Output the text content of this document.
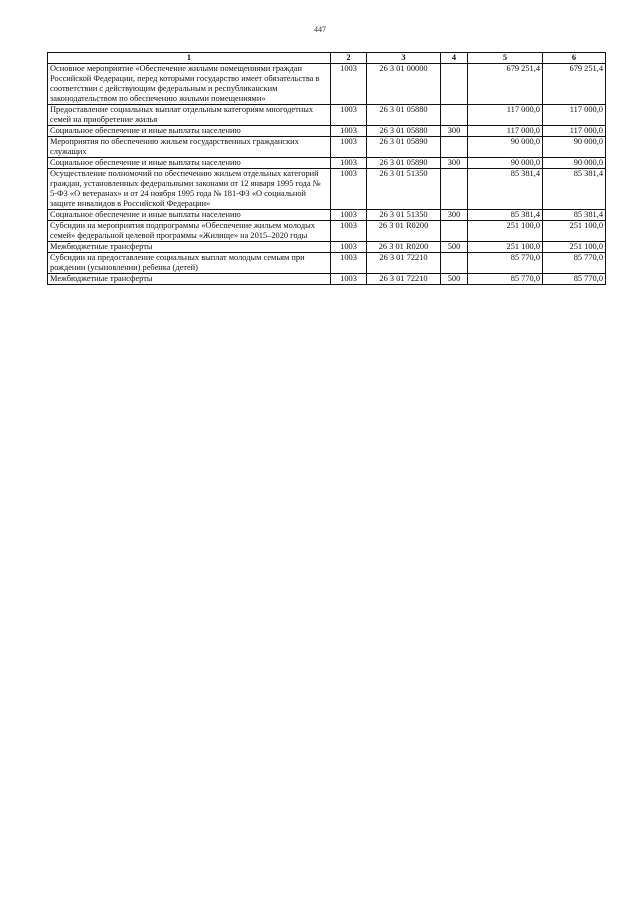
447
1	2	3	4	5	6
Основное мероприятие «Обеспечение жилыми помещениями граждан Российской Федерации, перед которыми государство имеет обязательства в соответствии с действующим федеральным и республиканским законодательством по обеспечению жилыми помещениями»	1003	26 3 01 00000		679 251,4	679 251,4
Предоставление социальных выплат отдельным категориям многодетных семей на приобретение жилья	1003	26 3 01 05880		117 000,0	117 000,0
Социальное обеспечение и иные выплаты населению	1003	26 3 01 05880	300	117 000,0	117 000,0
Мероприятия по обеспечению жильем государственных гражданских служащих	1003	26 3 01 05890		90 000,0	90 000,0
Социальное обеспечение и иные выплаты населению	1003	26 3 01 05890	300	90 000,0	90 000,0
Осуществление полномочий по обеспечению жильем отдельных категорий граждан, установленных федеральными законами от 12 января 1995 года № 5-ФЗ «О ветеранах» и от 24 ноября 1995 года № 181-ФЗ «О социальной защите инвалидов в Российской Федерации»	1003	26 3 01 51350		85 381,4	85 381,4
Социальное обеспечение и иные выплаты населению	1003	26 3 01 51350	300	85 381,4	85 381,4
Субсидии на мероприятия подпрограммы «Обеспечение жильем молодых семей» федеральной целевой программы «Жилище» на 2015–2020 годы	1003	26 3 01 R0200		251 100,0	251 100,0
Межбюджетные трансферты	1003	26 3 01 R0200	500	251 100,0	251 100,0
Субсидии на предоставление социальных выплат молодым семьям при рождении (усыновлении) ребенка (детей)	1003	26 3 01 72210		85 770,0	85 770,0
Межбюджетные трансферты	1003	26 3 01 72210	500	85 770,0	85 770,0
